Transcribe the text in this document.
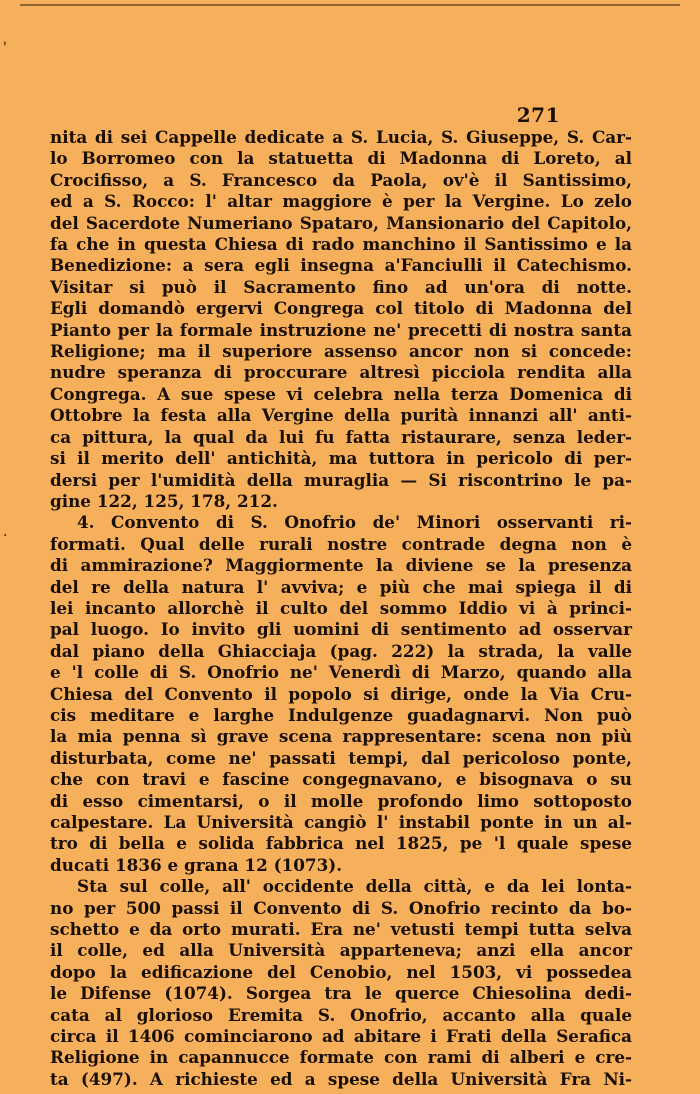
'
·
271
nita di sei Cappelle dedicate a S. Lucia, S. Giuseppe, S. Car-
lo Borromeo con la statuetta di Madonna di Loreto, al
Crocifisso, a S. Francesco da Paola, ov'è il Santissimo,
ed a S. Rocco: l' altar maggiore è per la Vergine. Lo zelo
del Sacerdote Numeriano Spataro, Mansionario del Capitolo,
fa che in questa Chiesa di rado manchino il Santissimo e la
Benedizione: a sera egli insegna a'Fanciulli il Catechismo.
Visitar si può il Sacramento fino ad un'ora di notte.
Egli domandò ergervi Congrega col titolo di Madonna del
Pianto per la formale instruzione ne' precetti di nostra santa
Religione; ma il superiore assenso ancor non si concede:
nudre speranza di proccurare altresì picciola rendita alla
Congrega. A sue spese vi celebra nella terza Domenica di
Ottobre la festa alla Vergine della purità innanzi all' anti-
ca pittura, la qual da lui fu fatta ristaurare, senza leder-
si il merito dell' antichità, ma tuttora in pericolo di per-
dersi per l'umidità della muraglia — Si riscontrino le pa-
gine 122, 125, 178, 212.
4. Convento di S. Onofrio de' Minori osservanti ri-
formati. Qual delle rurali nostre contrade degna non è
di ammirazione? Maggiormente la diviene se la presenza
del re della natura l' avviva; e più che mai spiega il di
lei incanto allorchè il culto del sommo Iddio vi à princi-
pal luogo. Io invito gli uomini di sentimento ad osservar
dal piano della Ghiacciaja (pag. 222) la strada, la valle
e 'l colle di S. Onofrio ne' Venerdì di Marzo, quando alla
Chiesa del Convento il popolo si dirige, onde la Via Cru-
cis meditare e larghe Indulgenze guadagnarvi. Non può
la mia penna sì grave scena rappresentare: scena non più
disturbata, come ne' passati tempi, dal pericoloso ponte,
che con travi e fascine congegnavano, e bisognava o su
di esso cimentarsi, o il molle profondo limo sottoposto
calpestare. La Università cangiò l' instabil ponte in un al-
tro di bella e solida fabbrica nel 1825, pe 'l quale spese
ducati 1836 e grana 12 (1073).
Sta sul colle, all' occidente della città, e da lei lonta-
no per 500 passi il Convento di S. Onofrio recinto da bo-
schetto e da orto murati. Era ne' vetusti tempi tutta selva
il colle, ed alla Università apparteneva; anzi ella ancor
dopo la edificazione del Cenobio, nel 1503, vi possedea
le Difense (1074). Sorgea tra le querce Chiesolina dedi-
cata al glorioso Eremita S. Onofrio, accanto alla quale
circa il 1406 cominciarono ad abitare i Frati della Serafica
Religione in capannucce formate con rami di alberi e cre-
ta (497). A richieste ed a spese della Università Fra Ni-
